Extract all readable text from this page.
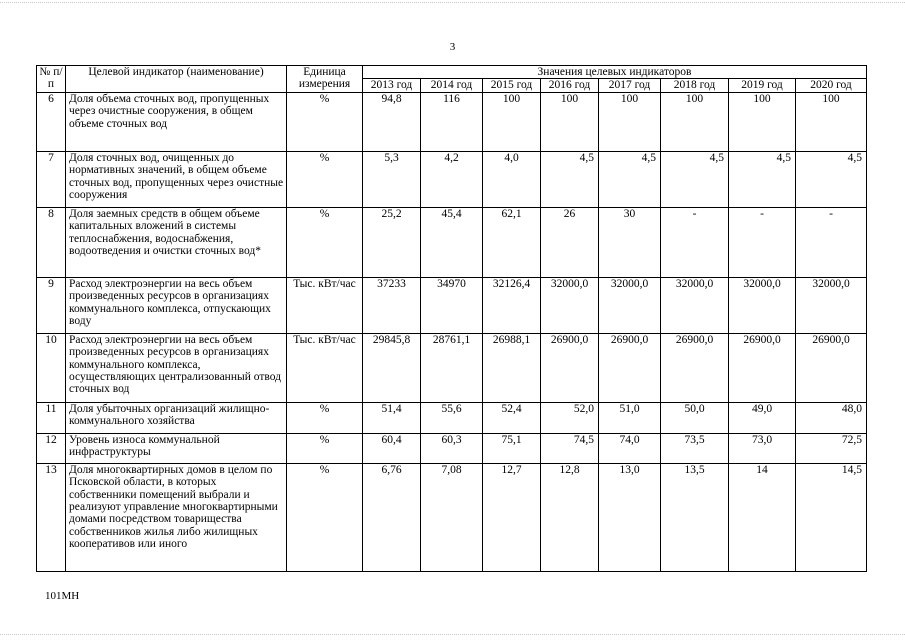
3
№ п/п	Целевой индикатор (наименование)	Единица измерения	Значения целевых индикаторов							
			2013 год	2014 год	2015 год	2016 год	2017 год	2018 год	2019 год	2020 год
6	Доля объема сточных вод, пропущенных через очистные сооружения, в общем объеме сточных вод	%	94,8	116	100	100	100	100	100	100
7	Доля сточных вод, очищенных до нормативных значений, в общем объеме сточных вод, пропущенных через очистные сооружения	%	5,3	4,2	4,0	4,5	4,5	4,5	4,5	4,5
8	Доля заемных средств в общем объеме капитальных вложений в системы теплоснабжения, водоснабжения, водоотведения и очистки сточных вод*	%	25,2	45,4	62,1	26	30	-	-	-
9	Расход электроэнергии на весь объем произведенных ресурсов в организациях коммунального комплекса, отпускающих воду	Тыс. кВт/час	37233	34970	32126,4	32000,0	32000,0	32000,0	32000,0	32000,0
10	Расход электроэнергии на весь объем произведенных ресурсов в организациях коммунального комплекса, осуществляющих централизованный отвод сточных вод	Тыс. кВт/час	29845,8	28761,1	26988,1	26900,0	26900,0	26900,0	26900,0	26900,0
11	Доля убыточных организаций жилищно-коммунального хозяйства	%	51,4	55,6	52,4	52,0	51,0	50,0	49,0	48,0
12	Уровень износа коммунальной инфраструктуры	%	60,4	60,3	75,1	74,5	74,0	73,5	73,0	72,5
13	Доля многоквартирных домов в целом по Псковской области, в которых собственники помещений выбрали и реализуют управление многоквартирными домами посредством товарищества собственников жилья либо жилищных кооперативов или иного	%	6,76	7,08	12,7	12,8	13,0	13,5	14	14,5
101МН
